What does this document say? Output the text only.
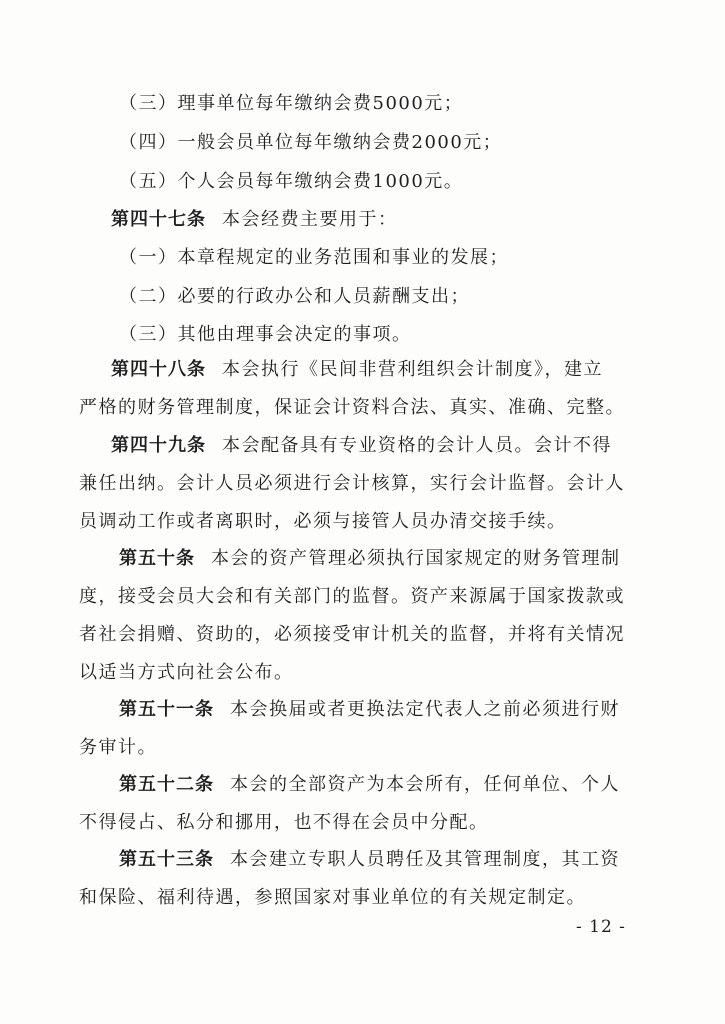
（三）理事单位每年缴纳会费5000元；
（四）一般会员单位每年缴纳会费2000元；
（五）个人会员每年缴纳会费1000元。
第四十七条 本会经费主要用于：
（一）本章程规定的业务范围和事业的发展；
（二）必要的行政办公和人员薪酬支出；
（三）其他由理事会决定的事项。
第四十八条 本会执行《民间非营利组织会计制度》，建立
严格的财务管理制度，保证会计资料合法、真实、准确、完整。
第四十九条 本会配备具有专业资格的会计人员。会计不得
兼任出纳。会计人员必须进行会计核算，实行会计监督。会计人
员调动工作或者离职时，必须与接管人员办清交接手续。
第五十条 本会的资产管理必须执行国家规定的财务管理制
度，接受会员大会和有关部门的监督。资产来源属于国家拨款或
者社会捐赠、资助的，必须接受审计机关的监督，并将有关情况
以适当方式向社会公布。
第五十一条 本会换届或者更换法定代表人之前必须进行财
务审计。
第五十二条 本会的全部资产为本会所有，任何单位、个人
不得侵占、私分和挪用，也不得在会员中分配。
第五十三条 本会建立专职人员聘任及其管理制度，其工资
和保险、福利待遇，参照国家对事业单位的有关规定制定。
- 12 -
